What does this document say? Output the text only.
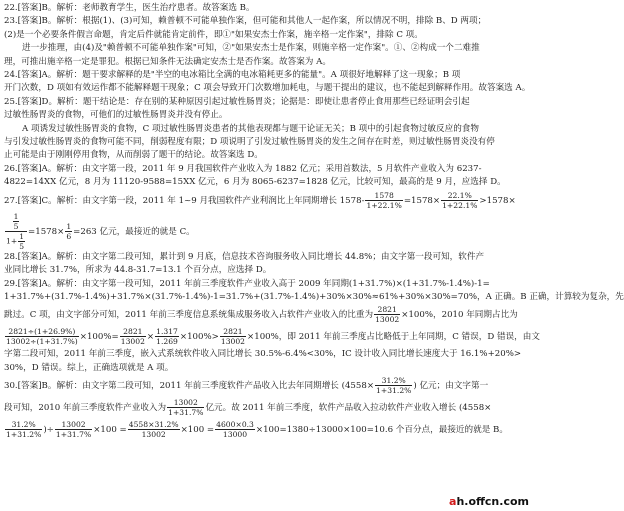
22.[答案]B。解析：老师教育学生，医生治疗患者。故答案选 B。
23.[答案]B。解析：根据(1)、(3)可知，赖普顿不可能单独作案，但可能和其他人一起作案，所以情况不明，排除 B、D 两项；
(2)是一个必要条件假言命题，肯定后件就能肯定前件，即①"如果安杰士作案，施辛格一定作案"，排除 C 项。
进一步推理，由(4)及"赖普顿不可能单独作案"可知，②"如果安杰士是作案，则施辛格一定作案"。①、②构成一个二难推
理，可推出施辛格一定是罪犯。根据已知条件无法确定安杰士是否作案。故答案为 A。
24.[答案]A。解析：题干要求解释的是"半空的电冰箱比全满的电冰箱耗更多的能量"。A 项很好地解释了这一现象；B 项
开门次数，D 项如有效运作都不能解释题干现象；C 项会导致开门次数增加耗电，与题干提出的建议，也不能起到解释作用。故答案选 A。
25.[答案]D。解析：题干结论是：存在别的某种原因引起过敏性肠胃炎；论据是：即使让患者停止食用那些已经证明会引起
过敏性肠胃炎的食物，可他们的过敏性肠胃炎并没有停止。
A 项诱发过敏性肠胃炎的食物，C 项过敏性肠胃炎患者的其他表现都与题干论证无关；B 项中的引起食物过敏反应的食物
与引发过敏性肠胃炎的食物可能不同，削弱程度有限；D 项说明了引发过敏性肠胃炎的发生之间存在时差，则过敏性肠胃炎没有停
止可能是由于刚刚停用食物，从而削弱了题干的结论。故答案选 D。
26.[答案]A。解析：由文字第一段，2011 年 9 月我国软件产业收入为 1882 亿元；采用首数法，5 月软件产业收入为 6237-
4822=14XX 亿元，8 月为 11120-9588=15XX 亿元，6 月为 8065-6237=1828 亿元，比较可知，最高的是 9 月，应选择 D。
27.[答案]C。解析：由文字第一段，2011 年 1~9 月我国软件产业利润比上年同期增长 $1578- \frac{1578}{1+22.1\%} =1578\times \frac{22.1\%}{1+22.1\%} >1578\times$
$\frac{\frac{1}{5}}{1+ \frac{1}{5}} =1578\times \frac{1}{6} =263$ 亿元，最接近的就是 C。
28.[答案]A。解析：由文字第二段可知，累计到 9 月底，信息技术咨询服务收入同比增长 44.8%；由文字第一段可知，软件产
业同比增长 31.7%，所求为 44.8-31.7=13.1 个百分点，应选择 D。
29.[答案]A。解析：由文字第一段可知，2011 年前三季度软件产业收入高于 2009 年同期(1+31.7%)×(1+31.7%-1.4%)-1=
1+31.7%+(31.7%-1.4%)+31.7%×(31.7%-1.4%)-1=31.7%+(31.7%-1.4%)+30%×30%≈61%+30%×30%=70%，A 正确。B 正确，计算较为复杂，先
跳过。C 项，由文字部分可知，2011 年前三季度信息系统集成服务收入占软件产业收入的比重为 $\frac{2821}{13002} \times 100\%$，2010 年同期占比为
$\frac{2821\div(1+26.9\%)}{13002\div(1+31.7\%)} \times 100\%= \frac{2821}{13002} \times \frac{1.317}{1.269} \times 100\%> \frac{2821}{13002} \times 100\%$，即 2011 年前三季度占比略低于上年同期，C 错误，D 错误，由文
字第二段可知，2011 年前三季度，嵌入式系统软件收入同比增长 30.5%-6.4%<30%，IC 设计收入同比增长速度大于 16.1%+20%>
30%，D 错误。综上，正确选项就是 A 项。
30.[答案]B。解析：由文字第二段可知，2011 年前三季度软件产品收入比去年同期增长 ($4558\times \frac{31.2\%}{1+31.2\%}$ ) 亿元；由文字第一
段可知，2010 年前三季度软件产业收入为 $\frac{13002}{1+31.7\%}$ 亿元。故 2011 年前三季度，软件产品收入拉动软件产业收入增长 (4558×
$\frac{31.2\%}{1+31.2\%}$ )÷ $\frac{13002}{1+31.7\%} \times 100 = \frac{4558\times 31.2\%}{13002} \times 100 = \frac{4600\times 0.3}{13000} \times 100=1380\div 13000\times 100=10.6$ 个百分点，最接近的就是 B。
ah.offcn.com
